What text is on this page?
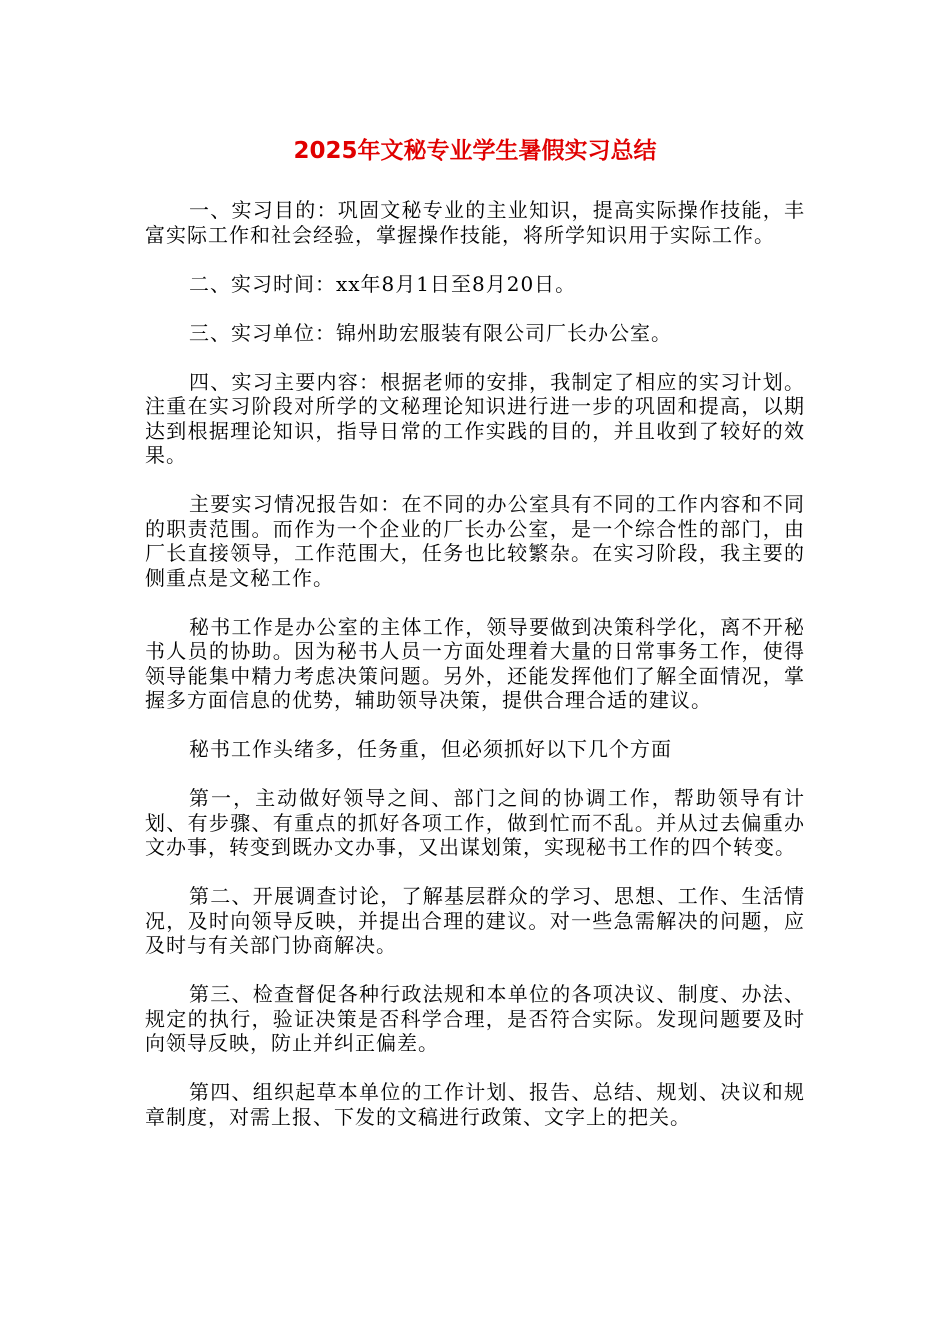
2025年文秘专业学生暑假实习总结

一、实习目的：巩固文秘专业的主业知识，提高实际操作技能，丰富实际工作和社会经验，掌握操作技能，将所学知识用于实际工作。

二、实习时间：xx年8月1日至8月20日。

三、实习单位：锦州助宏服装有限公司厂长办公室。

四、实习主要内容：根据老师的安排，我制定了相应的实习计划。注重在实习阶段对所学的文秘理论知识进行进一步的巩固和提高，以期达到根据理论知识，指导日常的工作实践的目的，并且收到了较好的效果。

主要实习情况报告如：在不同的办公室具有不同的工作内容和不同的职责范围。而作为一个企业的厂长办公室，是一个综合性的部门，由厂长直接领导，工作范围大，任务也比较繁杂。在实习阶段，我主要的侧重点是文秘工作。

秘书工作是办公室的主体工作，领导要做到决策科学化，离不开秘书人员的协助。因为秘书人员一方面处理着大量的日常事务工作，使得领导能集中精力考虑决策问题。另外，还能发挥他们了解全面情况，掌握多方面信息的优势，辅助领导决策，提供合理合适的建议。

秘书工作头绪多，任务重，但必须抓好以下几个方面

第一，主动做好领导之间、部门之间的协调工作，帮助领导有计划、有步骤、有重点的抓好各项工作，做到忙而不乱。并从过去偏重办文办事，转变到既办文办事，又出谋划策，实现秘书工作的四个转变。

第二、开展调查讨论，了解基层群众的学习、思想、工作、生活情况，及时向领导反映，并提出合理的建议。对一些急需解决的问题，应及时与有关部门协商解决。

第三、检查督促各种行政法规和本单位的各项决议、制度、办法、规定的执行，验证决策是否科学合理，是否符合实际。发现问题要及时向领导反映，防止并纠正偏差。

第四、组织起草本单位的工作计划、报告、总结、规划、决议和规章制度，对需上报、下发的文稿进行政策、文字上的把关。
